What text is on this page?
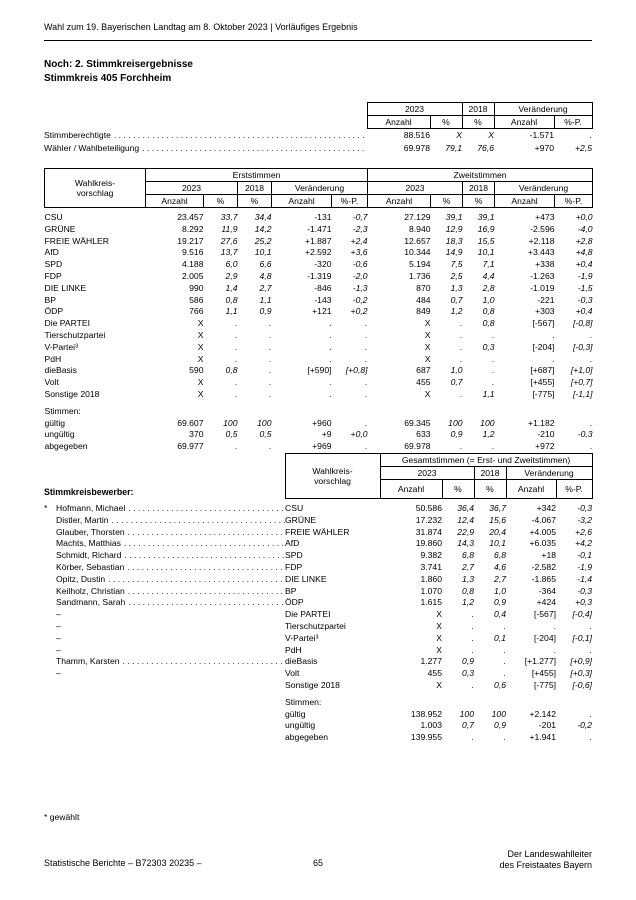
Wahl zum 19. Bayerischen Landtag am 8. Oktober 2023 | Vorläufiges Ergebnis
Noch: 2. Stimmkreisergebnisse
Stimmkreis 405 Forchheim
	2023		2018	Veränderung	
	Anzahl	%	%	Anzahl	%-P.

Stimmberechtigte . . .	88.516	X	X	-1.571	.

Wähler / Wahlbeteiligung . . .	69.978	79,1	76,6	+970	+2,5
Wahlkreis-
vorschlag	Erststimmen					Zweitstimmen				
	2023		2018	Veränderung		2023		2018	Veränderung	
	Anzahl	%	%	Anzahl	%-P.	Anzahl	%	%	Anzahl	%-P.

CSU	23.457	33,7	34,4	-131	-0,7	27.129	39,1	39,1	+473	+0,0
GRÜNE	8.292	11,9	14,2	-1.471	-2,3	8.940	12,9	16,9	-2.596	-4,0
FREIE WÄHLER	19.217	27,6	25,2	+1.887	+2,4	12.657	18,3	15,5	+2.118	+2,8
AfD	9.516	13,7	10,1	+2.592	+3,6	10.344	14,9	10,1	+3.443	+4,8
SPD	4.188	6,0	6,6	-320	-0,6	5.194	7,5	7,1	+338	+0,4
FDP	2.005	2,9	4,8	-1.319	-2,0	1.736	2,5	4,4	-1.263	-1,9
DIE LINKE	990	1,4	2,7	-846	-1,3	870	1,3	2,8	-1.019	-1,5
BP	586	0,8	1,1	-143	-0,2	484	0,7	1,0	-221	-0,3
ÖDP	766	1,1	0,9	+121	+0,2	849	1,2	0,8	+303	+0,4
Die PARTEI	X	.	.	.	.	X	.	0,8	[-567]	[-0,8]
Tierschutzpartei	X	.	.	.	.	X	.	.	.	.
V-Partei³	X	.	.	.	.	X	.	0,3	[-204]	[-0,3]
PdH	X	.	.	.	.	X	.	.	.	.
dieBasis	590	0,8	.	[+590]	[+0,8]	687	1,0	.	[+687]	[+1,0]
Volt	X	.	.	.	.	455	0,7	.	[+455]	[+0,7]
Sonstige 2018	X	.	.	.	.	X	.	1,1	[-775]	[-1,1]

Stimmen:										
gültig	69.607	100	100	+960	.	69.345	100	100	+1.182	.
ungültig	370	0,5	0,5	+9	+0,0	633	0,9	1,2	-210	-0,3
abgegeben	69.977	.	.	+969	.	69.978	.	.	+972	.

		Wahlkreis-
vorschlag	Gesamtstimmen (= Erst- und Zweitstimmen)				
			2023		2018	Veränderung	
Stimmkreisbewerber:			Anzahl	%	%	Anzahl	%-P.

*	Hofmann, Michael . . .	CSU	50.586	36,4	36,7	+342	-0,3

Distler, Martin . . .	GRÜNE	17.232	12,4	15,6	-4.067	-3,2

Glauber, Thorsten . . .	FREIE WÄHLER	31.874	22,9	20,4	+4.005	+2,6

Machts, Matthias . . .	AfD	19.860	14,3	10,1	+6.035	+4,2

Schmidt, Richard . . .	SPD	9.382	6,8	6,8	+18	-0,1

Körber, Sebastian . . .	FDP	3.741	2,7	4,6	-2.582	-1,9

Opitz, Dustin . . .	DIE LINKE	1.860	1,3	2,7	-1.865	-1,4

Keilholz, Christian . . .	BP	1.070	0,8	1,0	-364	-0,3

Sandmann, Sarah . . .	ÖDP	1.615	1,2	0,9	+424	+0,3

–	Die PARTEI	X	.	0,4	[-567]	[-0,4]

–	Tierschutzpartei	X	.	.	.	.

–	V-Partei³	X	.	0,1	[-204]	[-0,1]

–	PdH	X	.	.	.	.

Thamm, Karsten . . .	dieBasis	1.277	0,9	.	[+1.277]	[+0,9]

–	Volt	455	0,3	.	[+455]	[+0,3]

Sonstige 2018	X	.	0,6	[-775]	[-0,6]

		Stimmen:					
		gültig	138.952	100	100	+2.142	.
		ungültig	1.003	0,7	0,9	-201	-0,2
		abgegeben	139.955	.	.	+1.941	.
* gewählt
Statistische Berichte – B72303 20235 –	65
Der Landeswahlleiter
des Freistaates Bayern
